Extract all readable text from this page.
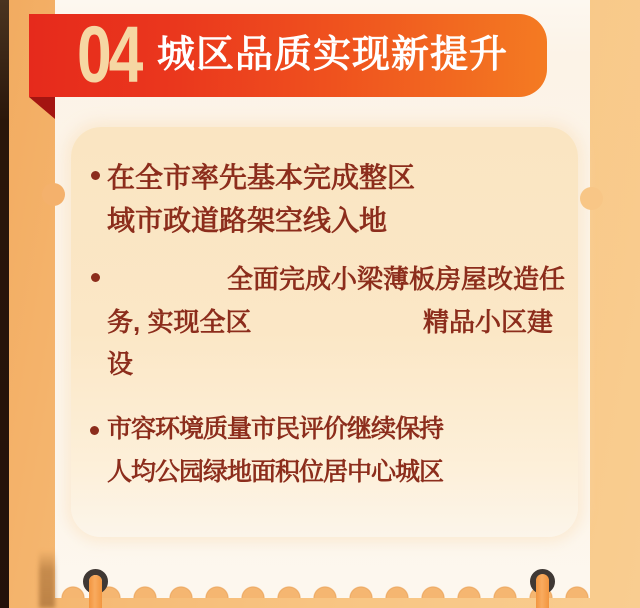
04 城区品质实现新提升
在全市率先基本完成整区
域市政道路架空线入地
全面完成小梁薄板房屋改造任
务, 实现全区	精品小区建
设
市容环境质量市民评价继续保持
人均公园绿地面积位居中心城区
